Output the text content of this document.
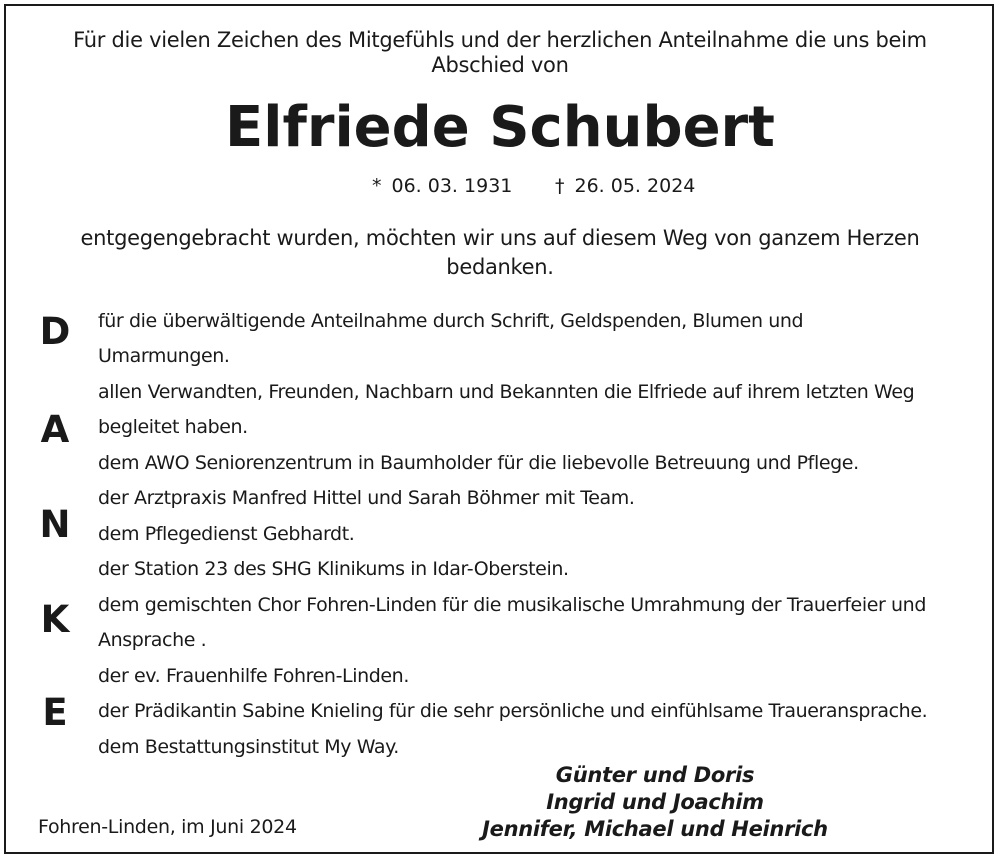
Für die vielen Zeichen des Mitgefühls und der herzlichen Anteilnahme die uns beim
Abschied von
Elfriede Schubert
* 06. 03. 1931 † 26. 05. 2024
entgegengebracht wurden, möchten wir uns auf diesem Weg von ganzem Herzen
bedanken.
D
A
N
K
E
für die überwältigende Anteilnahme durch Schrift, Geldspenden, Blumen und
Umarmungen.
allen Verwandten, Freunden, Nachbarn und Bekannten die Elfriede auf ihrem letzten Weg
begleitet haben.
dem AWO Seniorenzentrum in Baumholder für die liebevolle Betreuung und Pflege.
der Arztpraxis Manfred Hittel und Sarah Böhmer mit Team.
dem Pflegedienst Gebhardt.
der Station 23 des SHG Klinikums in Idar-Oberstein.
dem gemischten Chor Fohren-Linden für die musikalische Umrahmung der Trauerfeier und
Ansprache .
der ev. Frauenhilfe Fohren-Linden.
der Prädikantin Sabine Knieling für die sehr persönliche und einfühlsame Traueransprache.
dem Bestattungsinstitut My Way.
Fohren-Linden, im Juni 2024
Günter und Doris
Ingrid und Joachim
Jennifer, Michael und Heinrich
